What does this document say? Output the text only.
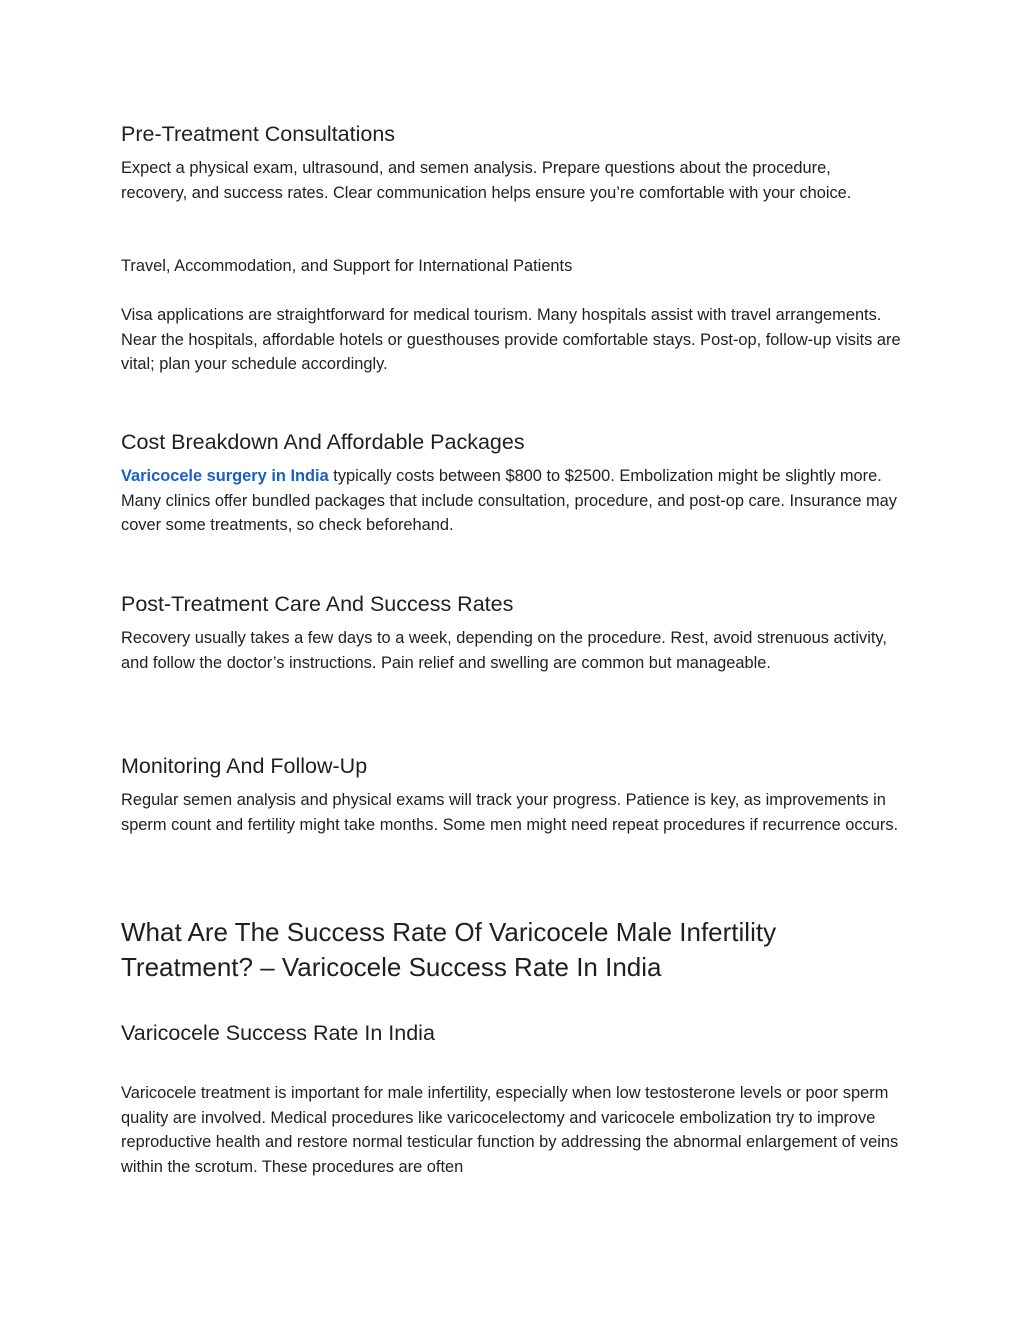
Pre-Treatment Consultations

Expect a physical exam, ultrasound, and semen analysis. Prepare questions about the procedure, recovery, and success rates. Clear communication helps ensure you’re comfortable with your choice.

Travel, Accommodation, and Support for International Patients

Visa applications are straightforward for medical tourism. Many hospitals assist with travel arrangements. Near the hospitals, affordable hotels or guesthouses provide comfortable stays. Post-op, follow-up visits are vital; plan your schedule accordingly.

Cost Breakdown And Affordable Packages

Varicocele surgery in India typically costs between $800 to $2500. Embolization might be slightly more. Many clinics offer bundled packages that include consultation, procedure, and post-op care. Insurance may cover some treatments, so check beforehand.

Post-Treatment Care And Success Rates

Recovery usually takes a few days to a week, depending on the procedure. Rest, avoid strenuous activity, and follow the doctor’s instructions. Pain relief and swelling are common but manageable.

Monitoring And Follow-Up

Regular semen analysis and physical exams will track your progress. Patience is key, as improvements in sperm count and fertility might take months. Some men might need repeat procedures if recurrence occurs.

What Are The Success Rate Of Varicocele Male Infertility Treatment? – Varicocele Success Rate In India
Varicocele Success Rate In India

Varicocele treatment is important for male infertility, especially when low testosterone levels or poor sperm quality are involved. Medical procedures like varicocelectomy and varicocele embolization try to improve reproductive health and restore normal testicular function by addressing the abnormal enlargement of veins within the scrotum. These procedures are often
